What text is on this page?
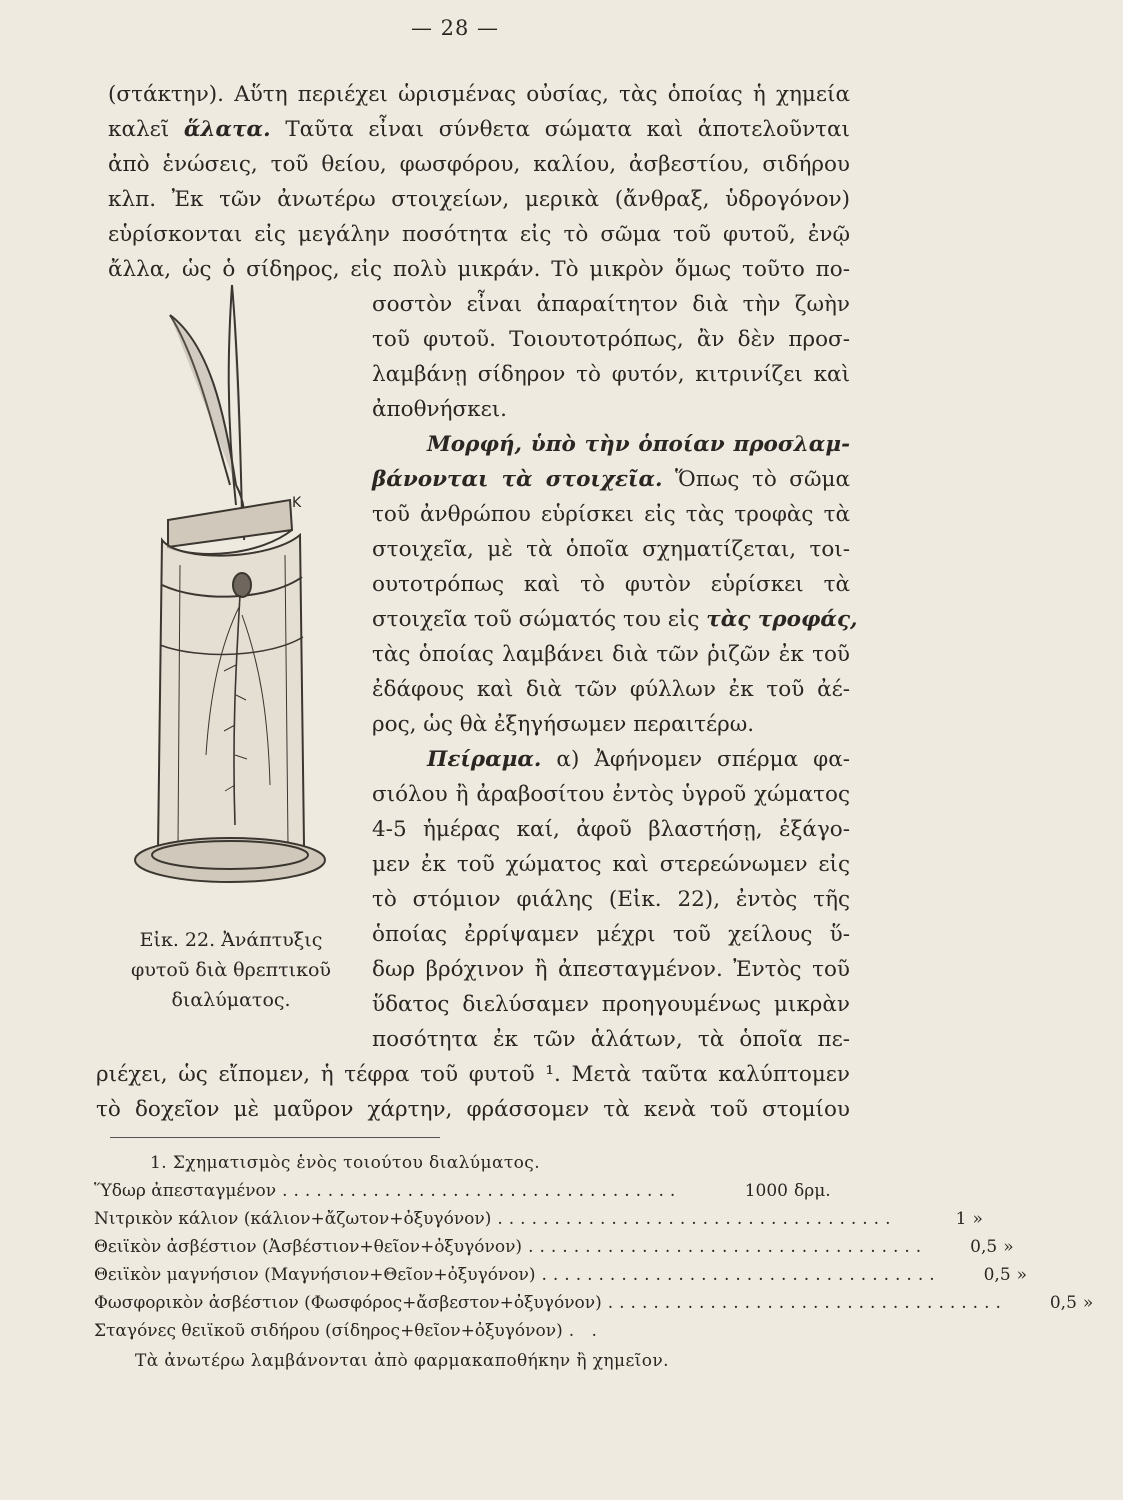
— 28 —
(στάκτην). Αὕτη περιέχει ὡρισμένας οὐσίας, τὰς ὁποίας ἡ χημεία
καλεῖ ἅλατα. Ταῦτα εἶναι σύνθετα σώματα καὶ ἀποτελοῦνται
ἀπὸ ἑνώσεις, τοῦ θείου, φωσφόρου, καλίου, ἀσβεστίου, σιδήρου
κλπ. Ἐκ τῶν ἀνωτέρω στοιχείων, μερικὰ (ἄνθραξ, ὑδρογόνον)
εὑρίσκονται εἰς μεγάλην ποσότητα εἰς τὸ σῶμα τοῦ φυτοῦ, ἐνῷ
ἄλλα, ὡς ὁ σίδηρος, εἰς πολὺ μικράν. Τὸ μικρὸν ὅμως τοῦτο πο-
σοστὸν εἶναι ἀπαραίτητον διὰ τὴν ζωὴν
τοῦ φυτοῦ. Τοιουτοτρόπως, ἂν δὲν προσ-
λαμβάνῃ σίδηρον τὸ φυτόν, κιτρινίζει καὶ
ἀποθνήσκει.
Μορφή, ὑπὸ τὴν ὁποίαν προσλαμ-
βάνονται τὰ στοιχεῖα. Ὅπως τὸ σῶμα
τοῦ ἀνθρώπου εὑρίσκει εἰς τὰς τροφὰς τὰ
στοιχεῖα, μὲ τὰ ὁποῖα σχηματίζεται, τοι-
ουτοτρόπως καὶ τὸ φυτὸν εὑρίσκει τὰ
στοιχεῖα τοῦ σώματός του εἰς τὰς τροφάς,
τὰς ὁποίας λαμβάνει διὰ τῶν ῥιζῶν ἐκ τοῦ
ἐδάφους καὶ διὰ τῶν φύλλων ἐκ τοῦ ἀέ-
ρος, ὡς θὰ ἐξηγήσωμεν περαιτέρω.
Πείραμα. α) Ἀφήνομεν σπέρμα φα-
σιόλου ἢ ἀραβοσίτου ἐντὸς ὑγροῦ χώματος
4-5 ἡμέρας καί, ἀφοῦ βλαστήσῃ, ἐξάγο-
μεν ἐκ τοῦ χώματος καὶ στερεώνωμεν εἰς
τὸ στόμιον φιάλης (Εἰκ. 22), ἐντὸς τῆς
ὁποίας ἐρρίψαμεν μέχρι τοῦ χείλους ὕ-
δωρ βρόχινον ἢ ἀπεσταγμένον. Ἐντὸς τοῦ
ὕδατος διελύσαμεν προηγουμένως μικρὰν
ποσότητα ἐκ τῶν ἁλάτων, τὰ ὁποῖα πε-
ριέχει, ὡς εἴπομεν, ἡ τέφρα τοῦ φυτοῦ ¹. Μετὰ ταῦτα καλύπτομεν
τὸ δοχεῖον μὲ μαῦρον χάρτην, φράσσομεν τὰ κενὰ τοῦ στομίου
K
Εἰκ. 22. Ἀνάπτυξις
φυτοῦ διὰ θρεπτικοῦ
διαλύματος.
1. Σχηματισμὸς ἑνὸς τοιούτου διαλύματος.
Ὕδωρ ἀπεσταγμένον ...................................	1000 δρμ.
Νιτρικὸν κάλιον (κάλιον+ἄζωτον+ὀξυγόνον) ...................................	1 »
Θειϊκὸν ἀσβέστιον (Ἀσβέστιον+θεῖον+ὀξυγόνον) ...................................	0,5 »
Θειϊκὸν μαγνήσιον (Μαγνήσιον+Θεῖον+ὀξυγόνον) ...................................	0,5 »
Φωσφορικὸν ἀσβέστιον (Φωσφόρος+ἄσβεστον+ὀξυγόνον) ...................................	0,5 »
Σταγόνες θειϊκοῦ σιδήρου (σίδηρος+θεῖον+ὀξυγόνον) . .
Τὰ ἀνωτέρω λαμβάνονται ἀπὸ φαρμακαποθήκην ἢ χημεῖον.
